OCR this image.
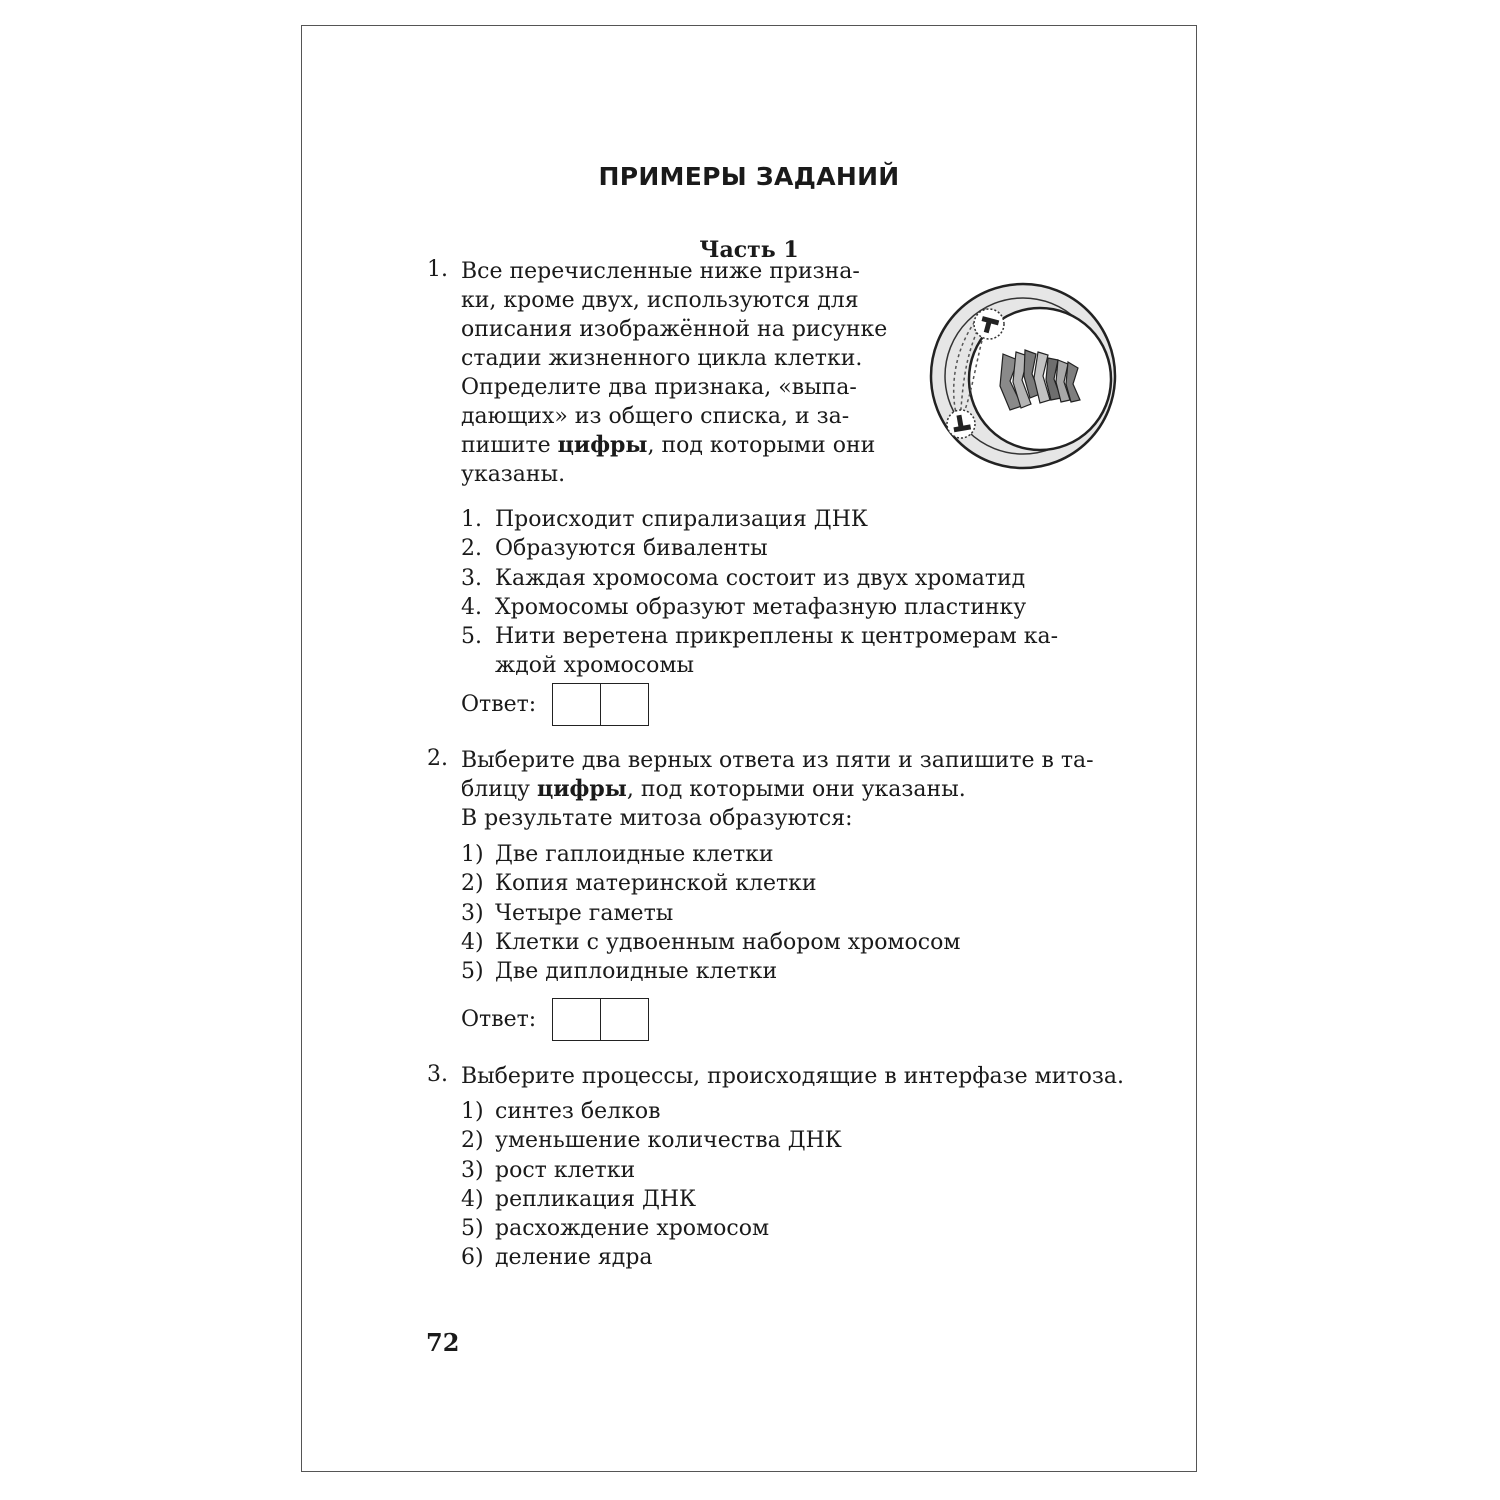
ПРИМЕРЫ ЗАДАНИЙ
Часть 1
1. Все перечисленные ниже призна-
ки, кроме двух, используются для
описания изображённой на рисунке
стадии жизненного цикла клетки.
Определите два признака, «выпа-
дающих» из общего списка, и за-
пишите цифры, под которыми они
указаны.
1. Происходит спирализация ДНК
2. Образуются биваленты
3. Каждая хромосома состоит из двух хроматид
4. Хромосомы образуют метафазную пластинку
5. Нити веретена прикреплены к центромерам ка-
ждой хромосомы
Ответ:
2. Выберите два верных ответа из пяти и запишите в та-
блицу цифры, под которыми они указаны.
В результате митоза образуются:
1) Две гаплоидные клетки
2) Копия материнской клетки
3) Четыре гаметы
4) Клетки с удвоенным набором хромосом
5) Две диплоидные клетки
Ответ:
3. Выберите процессы, происходящие в интерфазе митоза.
1) синтез белков
2) уменьшение количества ДНК
3) рост клетки
4) репликация ДНК
5) расхождение хромосом
6) деление ядра
72
